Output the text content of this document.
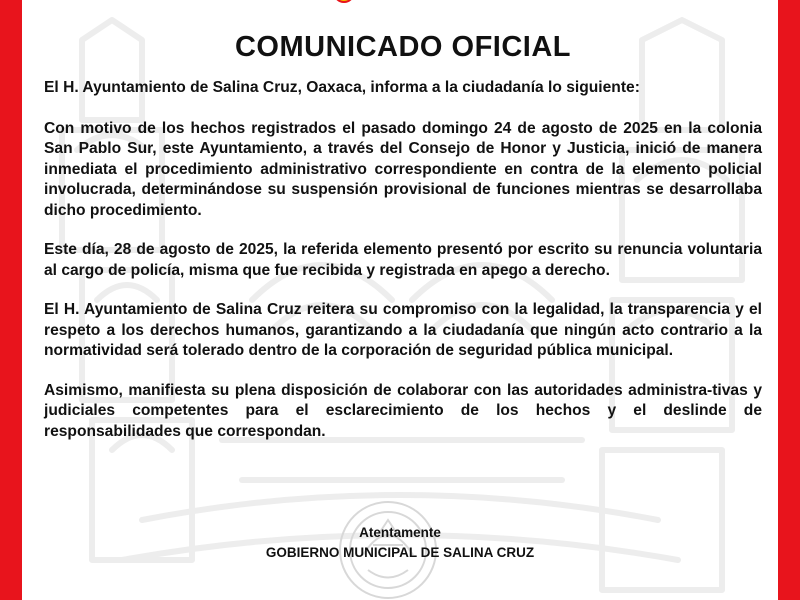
COMUNICADO OFICIAL

El H. Ayuntamiento de Salina Cruz, Oaxaca, informa a la ciudadanía lo siguiente:

Con motivo de los hechos registrados el pasado domingo 24 de agosto de 2025 en la colonia San Pablo Sur, este Ayuntamiento, a través del Consejo de Honor y Justicia, inició de manera inmediata el procedimiento administrativo correspondiente en contra de la elemento policial involucrada, determinándose su suspensión provisional de funciones mientras se desarrollaba dicho procedimiento.

Este día, 28 de agosto de 2025, la referida elemento presentó por escrito su renuncia voluntaria al cargo de policía, misma que fue recibida y registrada en apego a derecho.

El H. Ayuntamiento de Salina Cruz reitera su compromiso con la legalidad, la transparencia y el respeto a los derechos humanos, garantizando a la ciudadanía que ningún acto contrario a la normatividad será tolerado dentro de la corporación de seguridad pública municipal.

Asimismo, manifiesta su plena disposición de colaborar con las autoridades administra-tivas y judiciales competentes para el esclarecimiento de los hechos y el deslinde de responsabilidades que correspondan.

Atentamente
GOBIERNO MUNICIPAL DE SALINA CRUZ
